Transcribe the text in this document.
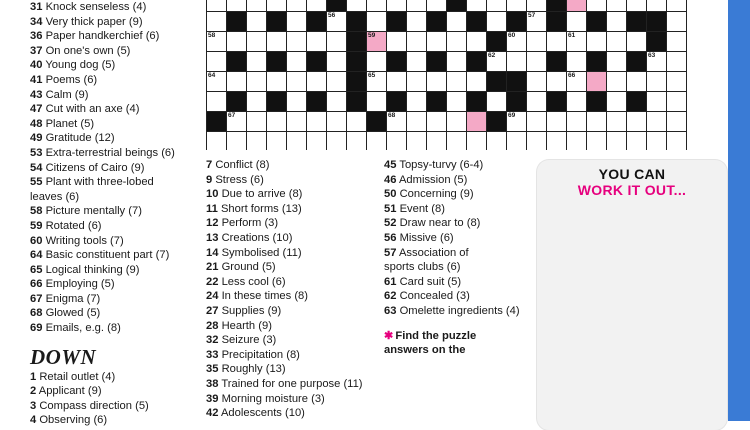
31 Knock senseless (4)
34 Very thick paper (9)
36 Paper handkerchief (6)
37 On one's own (5)
40 Young dog (5)
41 Poems (6)
43 Calm (9)
47 Cut with an axe (4)
48 Planet (5)
49 Gratitude (12)
53 Extra-terrestrial beings (6)
54 Citizens of Cairo (9)
55 Plant with three-lobed
leaves (6)
58 Picture mentally (7)
59 Rotated (6)
60 Writing tools (7)
64 Basic constituent part (7)
65 Logical thinking (9)
66 Employing (5)
67 Enigma (7)
68 Glowed (5)
69 Emails, e.g. (8)
DOWN
1 Retail outlet (4)
2 Applicant (9)
3 Compass direction (5)
4 Observing (6)

						56										57							

58								59							60			61					

														62								63	

64								65										66					

	67								68						69								

7 Conflict (8)
9 Stress (6)
10 Due to arrive (8)
11 Short forms (13)
12 Perform (3)
13 Creations (10)
14 Symbolised (11)
21 Ground (5)
22 Less cool (6)
24 In these times (8)
27 Supplies (9)
28 Hearth (9)
32 Seizure (3)
33 Precipitation (8)
35 Roughly (13)
38 Trained for one purpose (11)
39 Morning moisture (3)
42 Adolescents (10)
45 Topsy-turvy (6-4)
46 Admission (5)
50 Concerning (9)
51 Event (8)
52 Draw near to (8)
56 Missive (6)
57 Association of
sports clubs (6)
61 Card suit (5)
62 Concealed (3)
63 Omelette ingredients (4)
✱ Find the puzzle
answers on the
YOU CAN
WORK IT OUT...
